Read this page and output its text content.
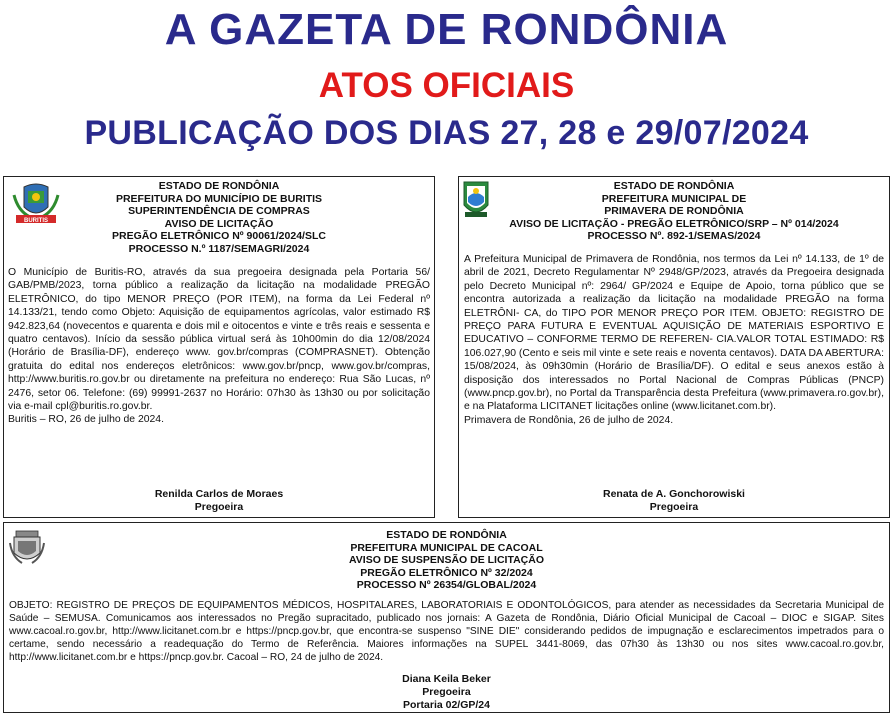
A GAZETA DE RONDÔNIA
ATOS OFICIAIS
PUBLICAÇÃO DOS DIAS 27, 28 e 29/07/2024
BURITIS
ESTADO DE RONDÔNIA
PREFEITURA DO MUNICÍPIO DE BURITIS
SUPERINTENDÊNCIA DE COMPRAS
AVISO DE LICITAÇÃO
PREGÃO ELETRÔNICO Nº 90061/2024/SLC
PROCESSO N.º 1187/SEMAGRI/2024
O Município de Buritis-RO, através da sua pregoeira designada pela Portaria 56/ GAB/PMB/2023, torna público a realização da licitação na modalidade PREGÃO ELETRÔNICO, do tipo MENOR PREÇO (POR ITEM), na forma da Lei Federal nº 14.133/21, tendo como Objeto: Aquisição de equipamentos agrícolas, valor estimado R$ 942.823,64 (novecentos e quarenta e dois mil e oitocentos e vinte e três reais e sessenta e quatro centavos). Início da sessão pública virtual será às 10h00min do dia 12/08/2024 (Horário de Brasília-DF), endereço www. gov.br/compras (COMPRASNET). Obtenção gratuita do edital nos endereços eletrônicos: www.gov.br/pncp, www.gov.br/compras, http://www.buritis.ro.gov.br ou diretamente na prefeitura no endereço: Rua São Lucas, nº 2476, setor 06. Telefone: (69) 99991-2637 no Horário: 07h30 às 13h30 ou por solicitação via e-mail cpl@buritis.ro.gov.br.
Buritis – RO, 26 de julho de 2024.
Renilda Carlos de Moraes
Pregoeira
ESTADO DE RONDÔNIA
PREFEITURA MUNICIPAL DE
PRIMAVERA DE RONDÔNIA
AVISO DE LICITAÇÃO - PREGÃO ELETRÔNICO/SRP – Nº 014/2024
PROCESSO Nº. 892-1/SEMAS/2024
A Prefeitura Municipal de Primavera de Rondônia, nos termos da Lei nº 14.133, de 1º de abril de 2021, Decreto Regulamentar Nº 2948/GP/2023, através da Pregoeira designada pelo Decreto Municipal nº: 2964/ GP/2024 e Equipe de Apoio, torna público que se encontra autorizada a realização da licitação na modalidade PREGÃO na forma ELETRÔNI- CA, do TIPO POR MENOR PREÇO POR ITEM. OBJETO: REGISTRO DE PREÇO PARA FUTURA E EVENTUAL AQUISIÇÃO DE MATERIAIS ESPORTIVO E EDUCATIVO – CONFORME TERMO DE REFEREN- CIA.VALOR TOTAL ESTIMADO: R$ 106.027,90 (Cento e seis mil vinte e sete reais e noventa centavos). DATA DA ABERTURA: 15/08/2024, às 09h30min (Horário de Brasília/DF). O edital e seus anexos estão à disposição dos interessados no Portal Nacional de Compras Públicas (PNCP) (www.pncp.gov.br), no Portal da Transparência desta Prefeitura (www.primavera.ro.gov.br), e na Plataforma LICITANET licitações online (www.licitanet.com.br).
Primavera de Rondônia, 26 de julho de 2024.
Renata de A. Gonchorowiski
Pregoeira
ESTADO DE RONDÔNIA
PREFEITURA MUNICIPAL DE CACOAL
AVISO DE SUSPENSÃO DE LICITAÇÃO
PREGÃO ELETRÔNICO Nº 32/2024
PROCESSO Nº 26354/GLOBAL/2024
OBJETO: REGISTRO DE PREÇOS DE EQUIPAMENTOS MÉDICOS, HOSPITALARES, LABORATORIAIS E ODONTOLÓGICOS, para atender as necessidades da Secretaria Municipal de Saúde – SEMUSA. Comunicamos aos interessados no Pregão supracitado, publicado nos jornais: A Gazeta de Rondônia, Diário Oficial Municipal de Cacoal – DIOC e SIGAP. Sites www.cacoal.ro.gov.br, http://www.licitanet.com.br e https://pncp.gov.br, que encontra-se suspenso "SINE DIE" considerando pedidos de impugnação e esclarecimentos impetrados para o certame, sendo necessário a readequação do Termo de Referência. Maiores informações na SUPEL 3441-8069, das 07h30 às 13h30 ou nos sites www.cacoal.ro.gov.br, http://www.licitanet.com.br e https://pncp.gov.br. Cacoal – RO, 24 de julho de 2024.
Diana Keila Beker
Pregoeira
Portaria 02/GP/24
